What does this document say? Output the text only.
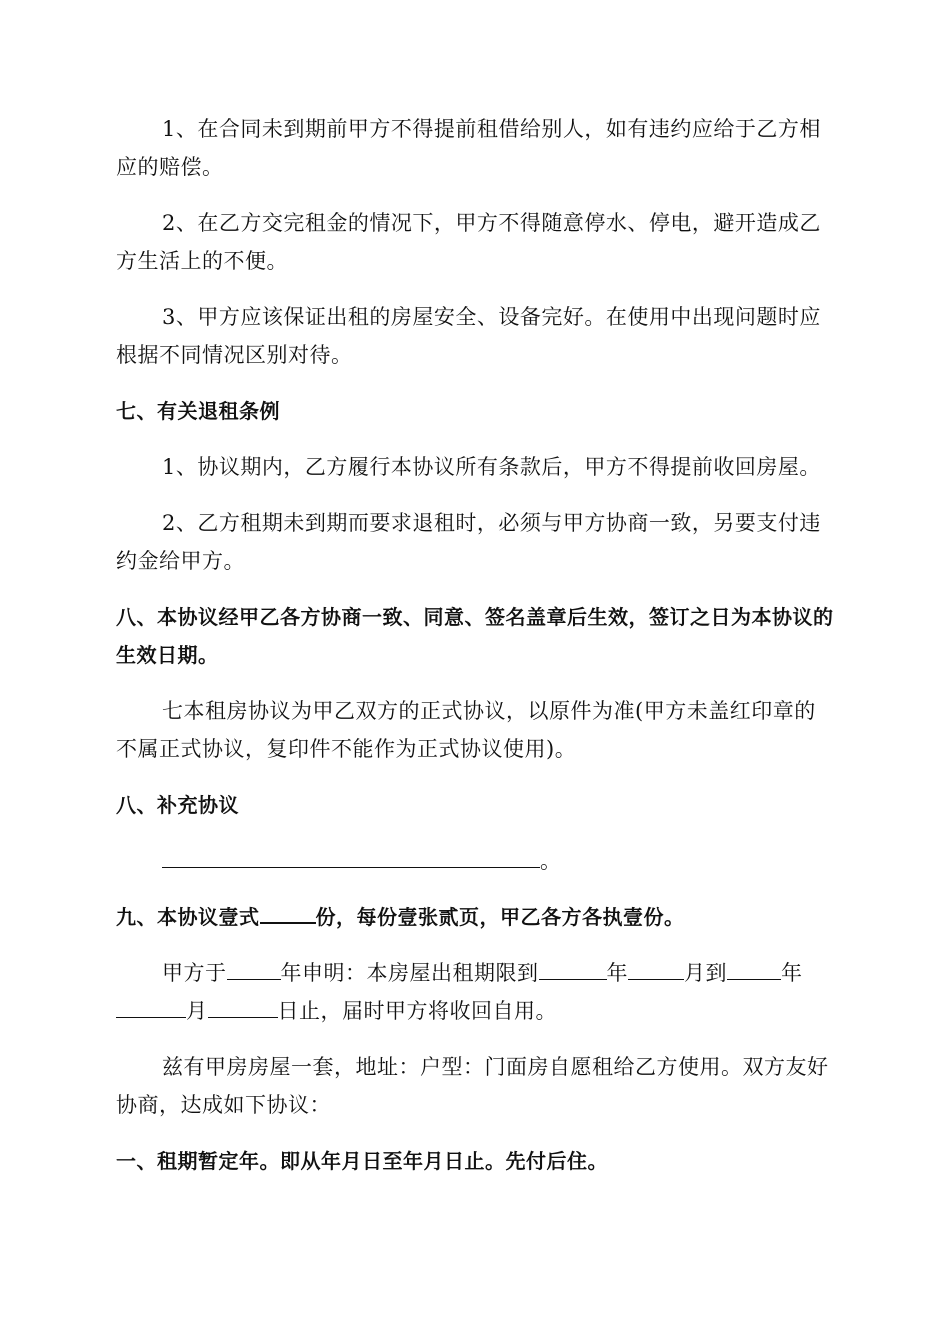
1、在合同未到期前甲方不得提前租借给别人，如有违约应给于乙方相应的赔偿。

2、在乙方交完租金的情况下，甲方不得随意停水、停电，避开造成乙方生活上的不便。

3、甲方应该保证出租的房屋安全、设备完好。在使用中出现问题时应根据不同情况区别对待。

七、有关退租条例

1、协议期内，乙方履行本协议所有条款后，甲方不得提前收回房屋。

2、乙方租期未到期而要求退租时，必须与甲方协商一致，另要支付违约金给甲方。

八、本协议经甲乙各方协商一致、同意、签名盖章后生效，签订之日为本协议的生效日期。

七本租房协议为甲乙双方的正式协议，以原件为准(甲方未盖红印章的不属正式协议，复印件不能作为正式协议使用)。

八、补充协议

。

九、本协议壹式	份，每份壹张贰页，甲乙各方各执壹份。

甲方于	年申明：本房屋出租期限到	年	月到	年月	日止，届时甲方将收回自用。

兹有甲房房屋一套，地址：户型：门面房自愿租给乙方使用。双方友好协商，达成如下协议：

一、租期暂定年。即从年月日至年月日止。先付后住。
